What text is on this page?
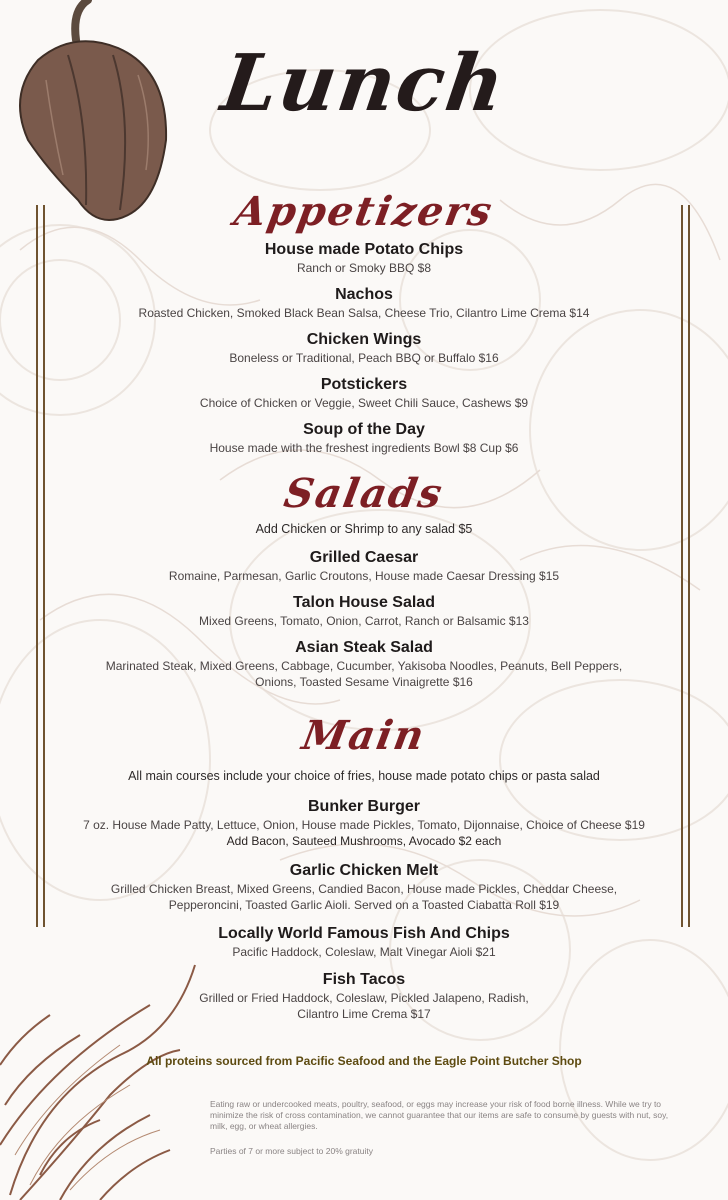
Lunch
Appetizers
House made Potato Chips
Ranch or Smoky BBQ $8
Nachos
Roasted Chicken, Smoked Black Bean Salsa, Cheese Trio, Cilantro Lime Crema $14
Chicken Wings
Boneless or Traditional, Peach BBQ or Buffalo $16
Potstickers
Choice of Chicken or Veggie, Sweet Chili Sauce, Cashews $9
Soup of the Day
House made with the freshest ingredients Bowl $8 Cup $6
Salads
Add Chicken or Shrimp to any salad $5
Grilled Caesar
Romaine, Parmesan, Garlic Croutons, House made Caesar Dressing $15
Talon House Salad
Mixed Greens, Tomato, Onion, Carrot, Ranch or Balsamic $13
Asian Steak Salad
Marinated Steak, Mixed Greens, Cabbage, Cucumber, Yakisoba Noodles, Peanuts, Bell Peppers,
Onions, Toasted Sesame Vinaigrette $16
Main
All main courses include your choice of fries, house made potato chips or pasta salad
Bunker Burger
7 oz. House Made Patty, Lettuce, Onion, House made Pickles, Tomato, Dijonnaise, Choice of Cheese $19
Add Bacon, Sauteed Mushrooms, Avocado $2 each
Garlic Chicken Melt
Grilled Chicken Breast, Mixed Greens, Candied Bacon, House made Pickles, Cheddar Cheese,
Pepperoncini, Toasted Garlic Aioli. Served on a Toasted Ciabatta Roll $19
Locally World Famous Fish And Chips
Pacific Haddock, Coleslaw, Malt Vinegar Aioli $21
Fish Tacos
Grilled or Fried Haddock, Coleslaw, Pickled Jalapeno, Radish,
Cilantro Lime Crema $17
All proteins sourced from Pacific Seafood and the Eagle Point Butcher Shop
Eating raw or undercooked meats, poultry, seafood, or eggs may increase your risk of food borne illness. While we try to minimize the risk of cross contamination, we cannot guarantee that our items are safe to consume by guests with nut, soy, milk, egg, or wheat allergies.
Parties of 7 or more subject to 20% gratuity
